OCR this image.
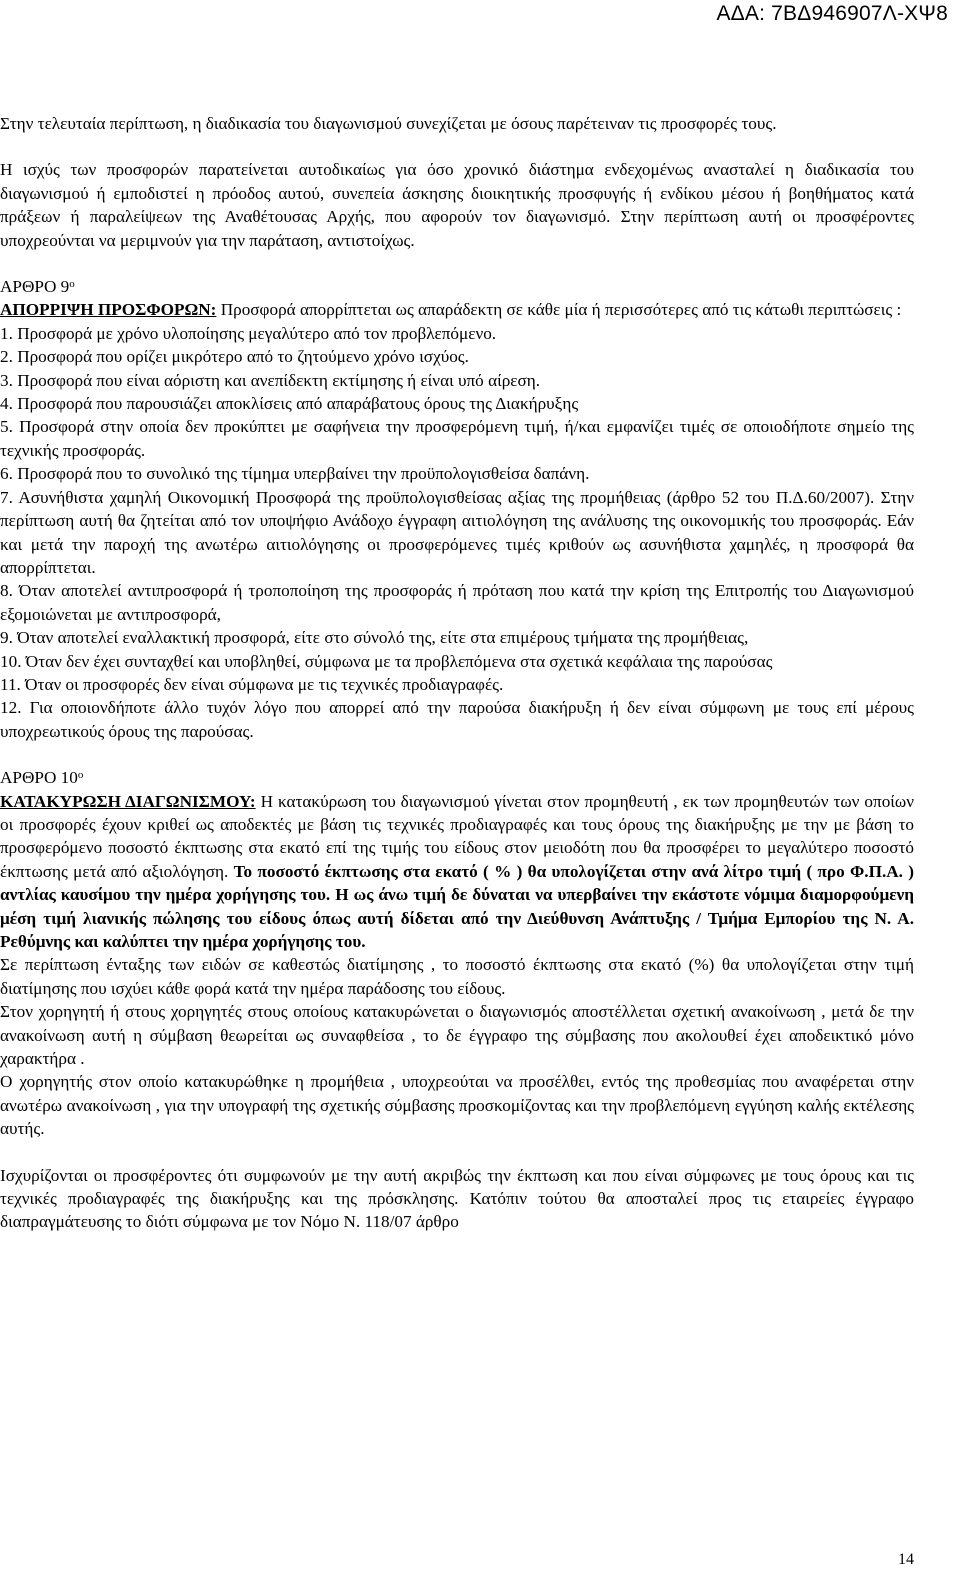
ΑΔΑ: 7ΒΔ946907Λ-ΧΨ8

Στην τελευταία περίπτωση, η διαδικασία του διαγωνισμού συνεχίζεται με όσους παρέτειναν τις προσφορές τους.

Η ισχύς των προσφορών παρατείνεται αυτοδικαίως για όσο χρονικό διάστημα ενδεχομένως ανασταλεί η διαδικασία του διαγωνισμού ή εμποδιστεί η πρόοδος αυτού, συνεπεία άσκησης διοικητικής προσφυγής ή ενδίκου μέσου ή βοηθήματος κατά πράξεων ή παραλείψεων της Αναθέτουσας Αρχής, που αφορούν τον διαγωνισμό. Στην περίπτωση αυτή οι προσφέροντες υποχρεούνται να μεριμνούν για την παράταση, αντιστοίχως.

ΑΡΘΡΟ $9^o$

ΑΠΟΡΡΙΨΗ ΠΡΟΣΦΟΡΩΝ: Προσφορά απορρίπτεται ως απαράδεκτη σε κάθε μία ή περισσότερες από τις κάτωθι περιπτώσεις :

1. Προσφορά με χρόνο υλοποίησης μεγαλύτερο από τον προβλεπόμενο.

2. Προσφορά που ορίζει μικρότερο από το ζητούμενο χρόνο ισχύος.

3. Προσφορά που είναι αόριστη και ανεπίδεκτη εκτίμησης ή είναι υπό αίρεση.

4. Προσφορά που παρουσιάζει αποκλίσεις από απαράβατους όρους της Διακήρυξης

5. Προσφορά στην οποία δεν προκύπτει με σαφήνεια την προσφερόμενη τιμή, ή/και εμφανίζει τιμές σε οποιοδήποτε σημείο της τεχνικής προσφοράς.

6. Προσφορά που το συνολικό της τίμημα υπερβαίνει την προϋπολογισθείσα δαπάνη.

7. Ασυνήθιστα χαμηλή Οικονομική Προσφορά της προϋπολογισθείσας αξίας της προμήθειας (άρθρο 52 του Π.Δ.60/2007). Στην περίπτωση αυτή θα ζητείται από τον υποψήφιο Ανάδοχο έγγραφη αιτιολόγηση της ανάλυσης της οικονομικής του προσφοράς. Εάν και μετά την παροχή της ανωτέρω αιτιολόγησης οι προσφερόμενες τιμές κριθούν ως ασυνήθιστα χαμηλές, η προσφορά θα απορρίπτεται.

8. Όταν αποτελεί αντιπροσφορά ή τροποποίηση της προσφοράς ή πρόταση που κατά την κρίση της Επιτροπής του Διαγωνισμού εξομοιώνεται με αντιπροσφορά,

9. Όταν αποτελεί εναλλακτική προσφορά, είτε στο σύνολό της, είτε στα επιμέρους τμήματα της προμήθειας,

10. Όταν δεν έχει συνταχθεί και υποβληθεί, σύμφωνα με τα προβλεπόμενα στα σχετικά κεφάλαια της παρούσας

11. Όταν οι προσφορές δεν είναι σύμφωνα με τις τεχνικές προδιαγραφές.

12. Για οποιονδήποτε άλλο τυχόν λόγο που απορρεί από την παρούσα διακήρυξη ή δεν είναι σύμφωνη με τους επί μέρους υποχρεωτικούς όρους της παρούσας.

ΑΡΘΡΟ $10^o$

ΚΑΤΑΚΥΡΩΣΗ ΔΙΑΓΩΝΙΣΜΟΥ: Η κατακύρωση του διαγωνισμού γίνεται στον προμηθευτή , εκ των προμηθευτών των οποίων οι προσφορές έχουν κριθεί ως αποδεκτές με βάση τις τεχνικές προδιαγραφές και τους όρους της διακήρυξης με την με βάση το προσφερόμενο ποσοστό έκπτωσης στα εκατό επί της τιμής του είδους στον μειοδότη που θα προσφέρει το μεγαλύτερο ποσοστό έκπτωσης μετά από αξιολόγηση. Το ποσοστό έκπτωσης στα εκατό ( % ) θα υπολογίζεται στην ανά λίτρο τιμή ( προ Φ.Π.Α. ) αντλίας καυσίμου την ημέρα χορήγησης του. Η ως άνω τιμή δε δύναται να υπερβαίνει την εκάστοτε νόμιμα διαμορφούμενη μέση τιμή λιανικής πώλησης του είδους όπως αυτή δίδεται από την Διεύθυνση Ανάπτυξης / Τμήμα Εμπορίου της Ν. Α. Ρεθύμνης και καλύπτει την ημέρα χορήγησης του.

Σε περίπτωση ένταξης των ειδών σε καθεστώς διατίμησης , το ποσοστό έκπτωσης στα εκατό (%) θα υπολογίζεται στην τιμή διατίμησης που ισχύει κάθε φορά κατά την ημέρα παράδοσης του είδους.

Στον χορηγητή ή στους χορηγητές στους οποίους κατακυρώνεται ο διαγωνισμός αποστέλλεται σχετική ανακοίνωση , μετά δε την ανακοίνωση αυτή η σύμβαση θεωρείται ως συναφθείσα , το δε έγγραφο της σύμβασης που ακολουθεί έχει αποδεικτικό μόνο χαρακτήρα .

Ο χορηγητής στον οποίο κατακυρώθηκε η προμήθεια , υποχρεούται να προσέλθει, εντός της προθεσμίας που αναφέρεται στην ανωτέρω ανακοίνωση , για την υπογραφή της σχετικής σύμβασης προσκομίζοντας και την προβλεπόμενη εγγύηση καλής εκτέλεσης αυτής.

Ισχυρίζονται οι προσφέροντες ότι συμφωνούν με την αυτή ακριβώς την έκπτωση και που είναι σύμφωνες με τους όρους και τις τεχνικές προδιαγραφές της διακήρυξης και της πρόσκλησης. Κατόπιν τούτου θα αποσταλεί προς τις εταιρείες έγγραφο διαπραγμάτευσης το διότι σύμφωνα με τον Νόμο Ν. 118/07 άρθρο

14
